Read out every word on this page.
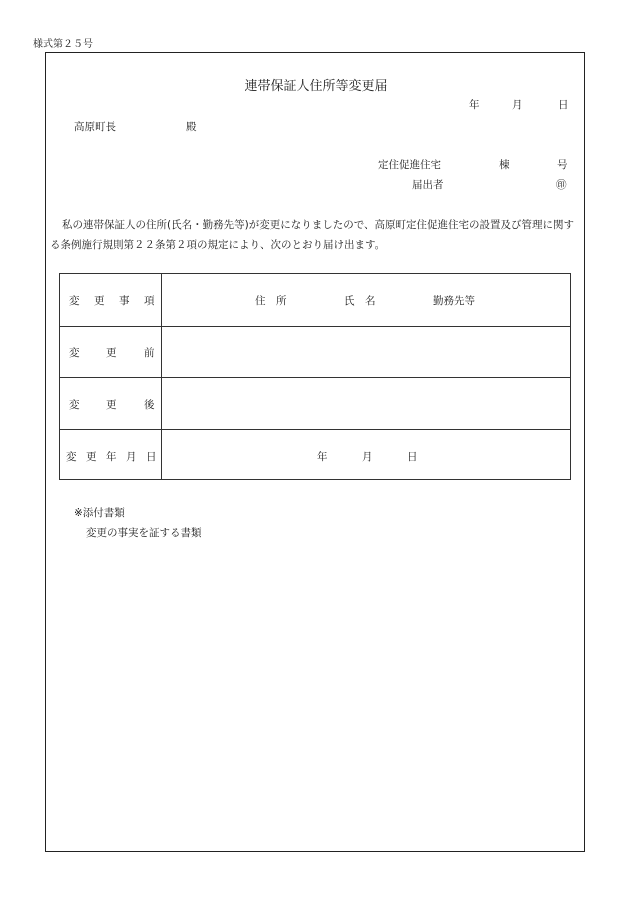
様式第２５号
連帯保証人住所等変更届
年	月	日
高原町長	殿
定住促進住宅	棟	号
届出者	㊞
私の連帯保証人の住所(氏名・勤務先等)が変更になりましたので、高原町定住促進住宅の設置及び管理に関する条例施行規則第２２条第２項の規定により、次のとおり届け出ます。
変 更 事 項	住　所	氏　名	勤務先等
変	更	前
変	更	後
変 更 年 月 日	年	月	日
※添付書類
変更の事実を証する書類
